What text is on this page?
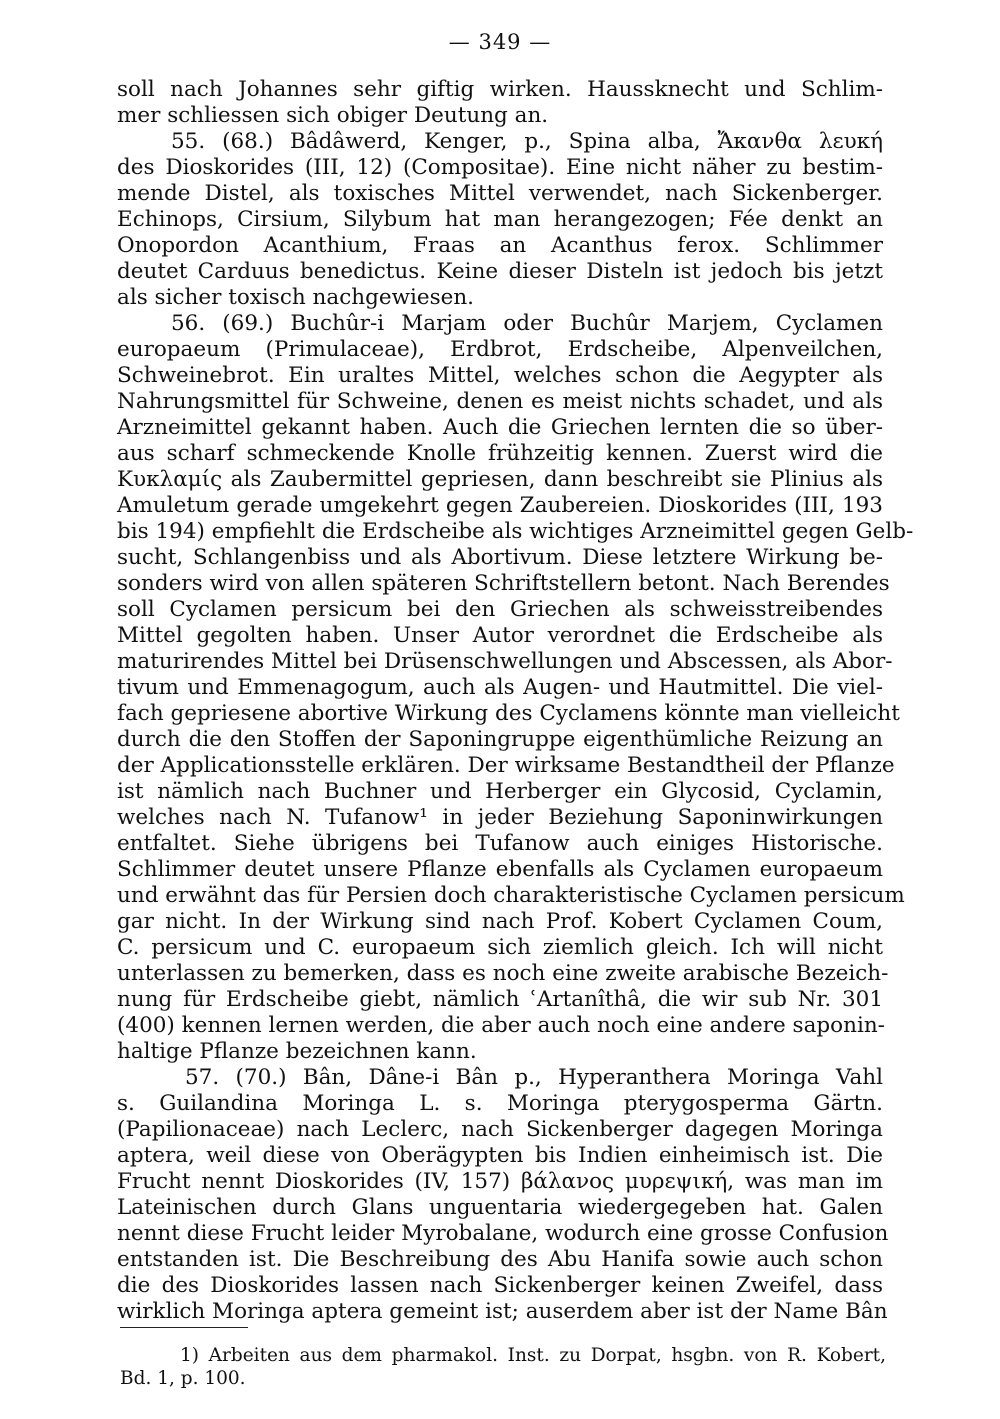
— 349 —
soll nach Johannes sehr giftig wirken. Haussknecht und Schlim-
mer schliessen sich obiger Deutung an.
55. (68.) Bâdâwerd, Kenger, p., Spina alba, Ἄκανθα λευκή
des Dioskorides (III, 12) (Compositae). Eine nicht näher zu bestim-
mende Distel, als toxisches Mittel verwendet, nach Sickenberger.
Echinops, Cirsium, Silybum hat man herangezogen; Fée denkt an
Onopordon Acanthium, Fraas an Acanthus ferox. Schlimmer
deutet Carduus benedictus. Keine dieser Disteln ist jedoch bis jetzt
als sicher toxisch nachgewiesen.
56. (69.) Buchûr-i Marjam oder Buchûr Marjem, Cyclamen
europaeum (Primulaceae), Erdbrot, Erdscheibe, Alpenveilchen,
Schweinebrot. Ein uraltes Mittel, welches schon die Aegypter als
Nahrungsmittel für Schweine, denen es meist nichts schadet, und als
Arzneimittel gekannt haben. Auch die Griechen lernten die so über-
aus scharf schmeckende Knolle frühzeitig kennen. Zuerst wird die
Κυκλαμίς als Zaubermittel gepriesen, dann beschreibt sie Plinius als
Amuletum gerade umgekehrt gegen Zaubereien. Dioskorides (III, 193
bis 194) empfiehlt die Erdscheibe als wichtiges Arzneimittel gegen Gelb-
sucht, Schlangenbiss und als Abortivum. Diese letztere Wirkung be-
sonders wird von allen späteren Schriftstellern betont. Nach Berendes
soll Cyclamen persicum bei den Griechen als schweisstreibendes
Mittel gegolten haben. Unser Autor verordnet die Erdscheibe als
maturirendes Mittel bei Drüsenschwellungen und Abscessen, als Abor-
tivum und Emmenagogum, auch als Augen- und Hautmittel. Die viel-
fach gepriesene abortive Wirkung des Cyclamens könnte man vielleicht
durch die den Stoffen der Saponingruppe eigenthümliche Reizung an
der Applicationsstelle erklären. Der wirksame Bestandtheil der Pflanze
ist nämlich nach Buchner und Herberger ein Glycosid, Cyclamin,
welches nach N. Tufanow¹ in jeder Beziehung Saponinwirkungen
entfaltet. Siehe übrigens bei Tufanow auch einiges Historische.
Schlimmer deutet unsere Pflanze ebenfalls als Cyclamen europaeum
und erwähnt das für Persien doch charakteristische Cyclamen persicum
gar nicht. In der Wirkung sind nach Prof. Kobert Cyclamen Coum,
C. persicum und C. europaeum sich ziemlich gleich. Ich will nicht
unterlassen zu bemerken, dass es noch eine zweite arabische Bezeich-
nung für Erdscheibe giebt, nämlich ʿArtanîthâ, die wir sub Nr. 301
(400) kennen lernen werden, die aber auch noch eine andere saponin-
haltige Pflanze bezeichnen kann.
57. (70.) Bân, Dâne-i Bân p., Hyperanthera Moringa Vahl
s. Guilandina Moringa L. s. Moringa pterygosperma Gärtn.
(Papilionaceae) nach Leclerc, nach Sickenberger dagegen Moringa
aptera, weil diese von Oberägypten bis Indien einheimisch ist. Die
Frucht nennt Dioskorides (IV, 157) βάλανος μυρεψική, was man im
Lateinischen durch Glans unguentaria wiedergegeben hat. Galen
nennt diese Frucht leider Myrobalane, wodurch eine grosse Confusion
entstanden ist. Die Beschreibung des Abu Hanifa sowie auch schon
die des Dioskorides lassen nach Sickenberger keinen Zweifel, dass
wirklich Moringa aptera gemeint ist; auserdem aber ist der Name Bân
1) Arbeiten aus dem pharmakol. Inst. zu Dorpat, hsgbn. von R. Kobert,
Bd. 1, p. 100.
